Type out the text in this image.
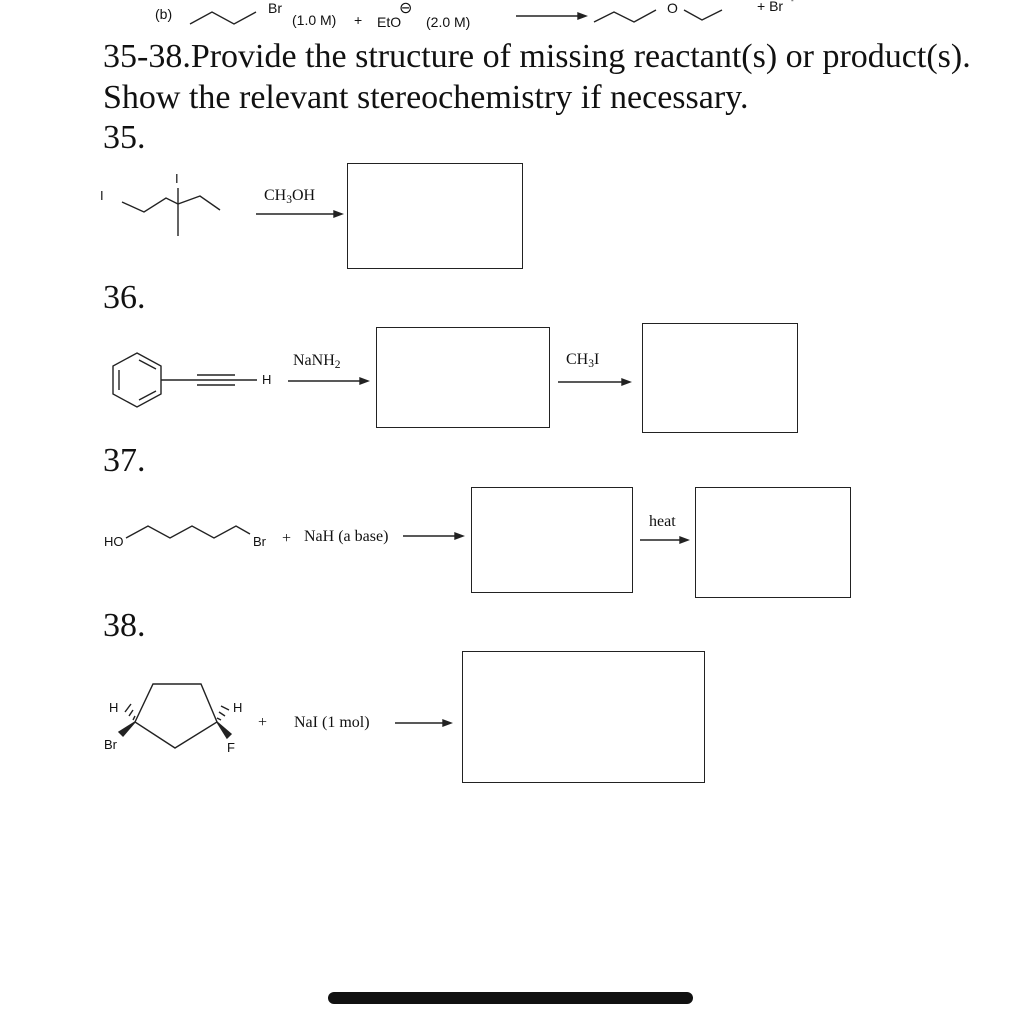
(b)	Br
(1.0 M) + EtO
⊖
(2.0 M)
O	+ Br -
35-38.Provide the structure of missing reactant(s) or product(s).
Show the relevant stereochemistry if necessary.
35.
I
I
$CH_3OH$
36.
H
NaNH$_2$	$CH_3I$
37.
HO	Br + NaH (a base)
heat
38.
H	H
Br	F
+ NaI (1 mol)
